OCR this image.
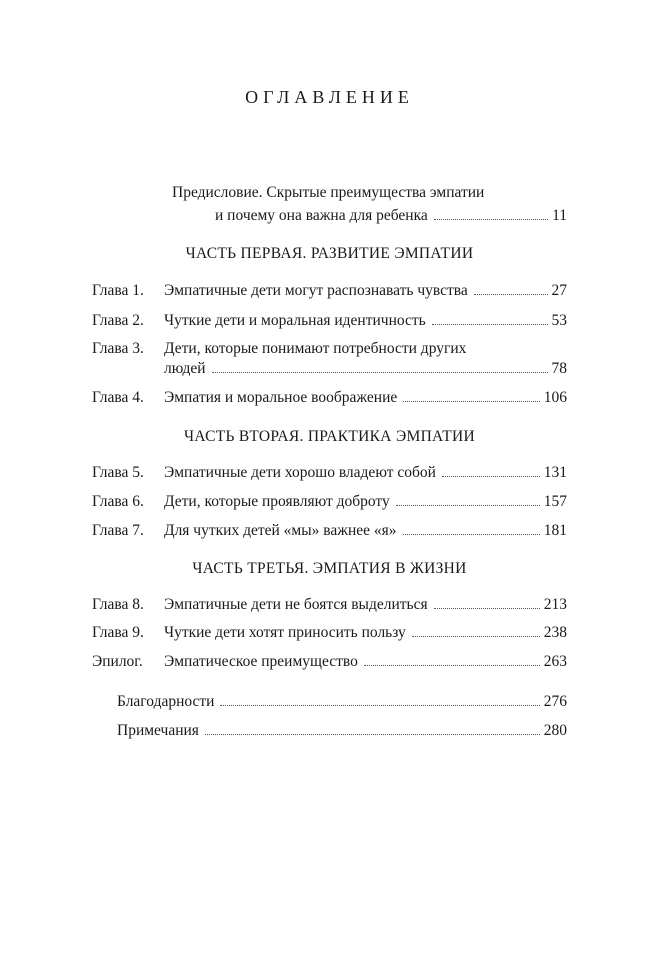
ОГЛАВЛЕНИЕ
Предисловие. Скрытые преимущества эмпатии
и почему она важна для ребенка	11
ЧАСТЬ ПЕРВАЯ. РАЗВИТИЕ ЭМПАТИИ
Глава 1.	Эмпатичные дети могут распознавать чувства	27
Глава 2.	Чуткие дети и моральная идентичность	53
Глава 3.	Дети, которые понимают потребности других
людей	78
Глава 4.	Эмпатия и моральное воображение	106
ЧАСТЬ ВТОРАЯ. ПРАКТИКА ЭМПАТИИ
Глава 5.	Эмпатичные дети хорошо владеют собой	131
Глава 6.	Дети, которые проявляют доброту	157
Глава 7.	Для чутких детей «мы» важнее «я»	181
ЧАСТЬ ТРЕТЬЯ. ЭМПАТИЯ В ЖИЗНИ
Глава 8.	Эмпатичные дети не боятся выделиться	213
Глава 9.	Чуткие дети хотят приносить пользу	238
Эпилог.	Эмпатическое преимущество	263
Благодарности	276
Примечания	280
